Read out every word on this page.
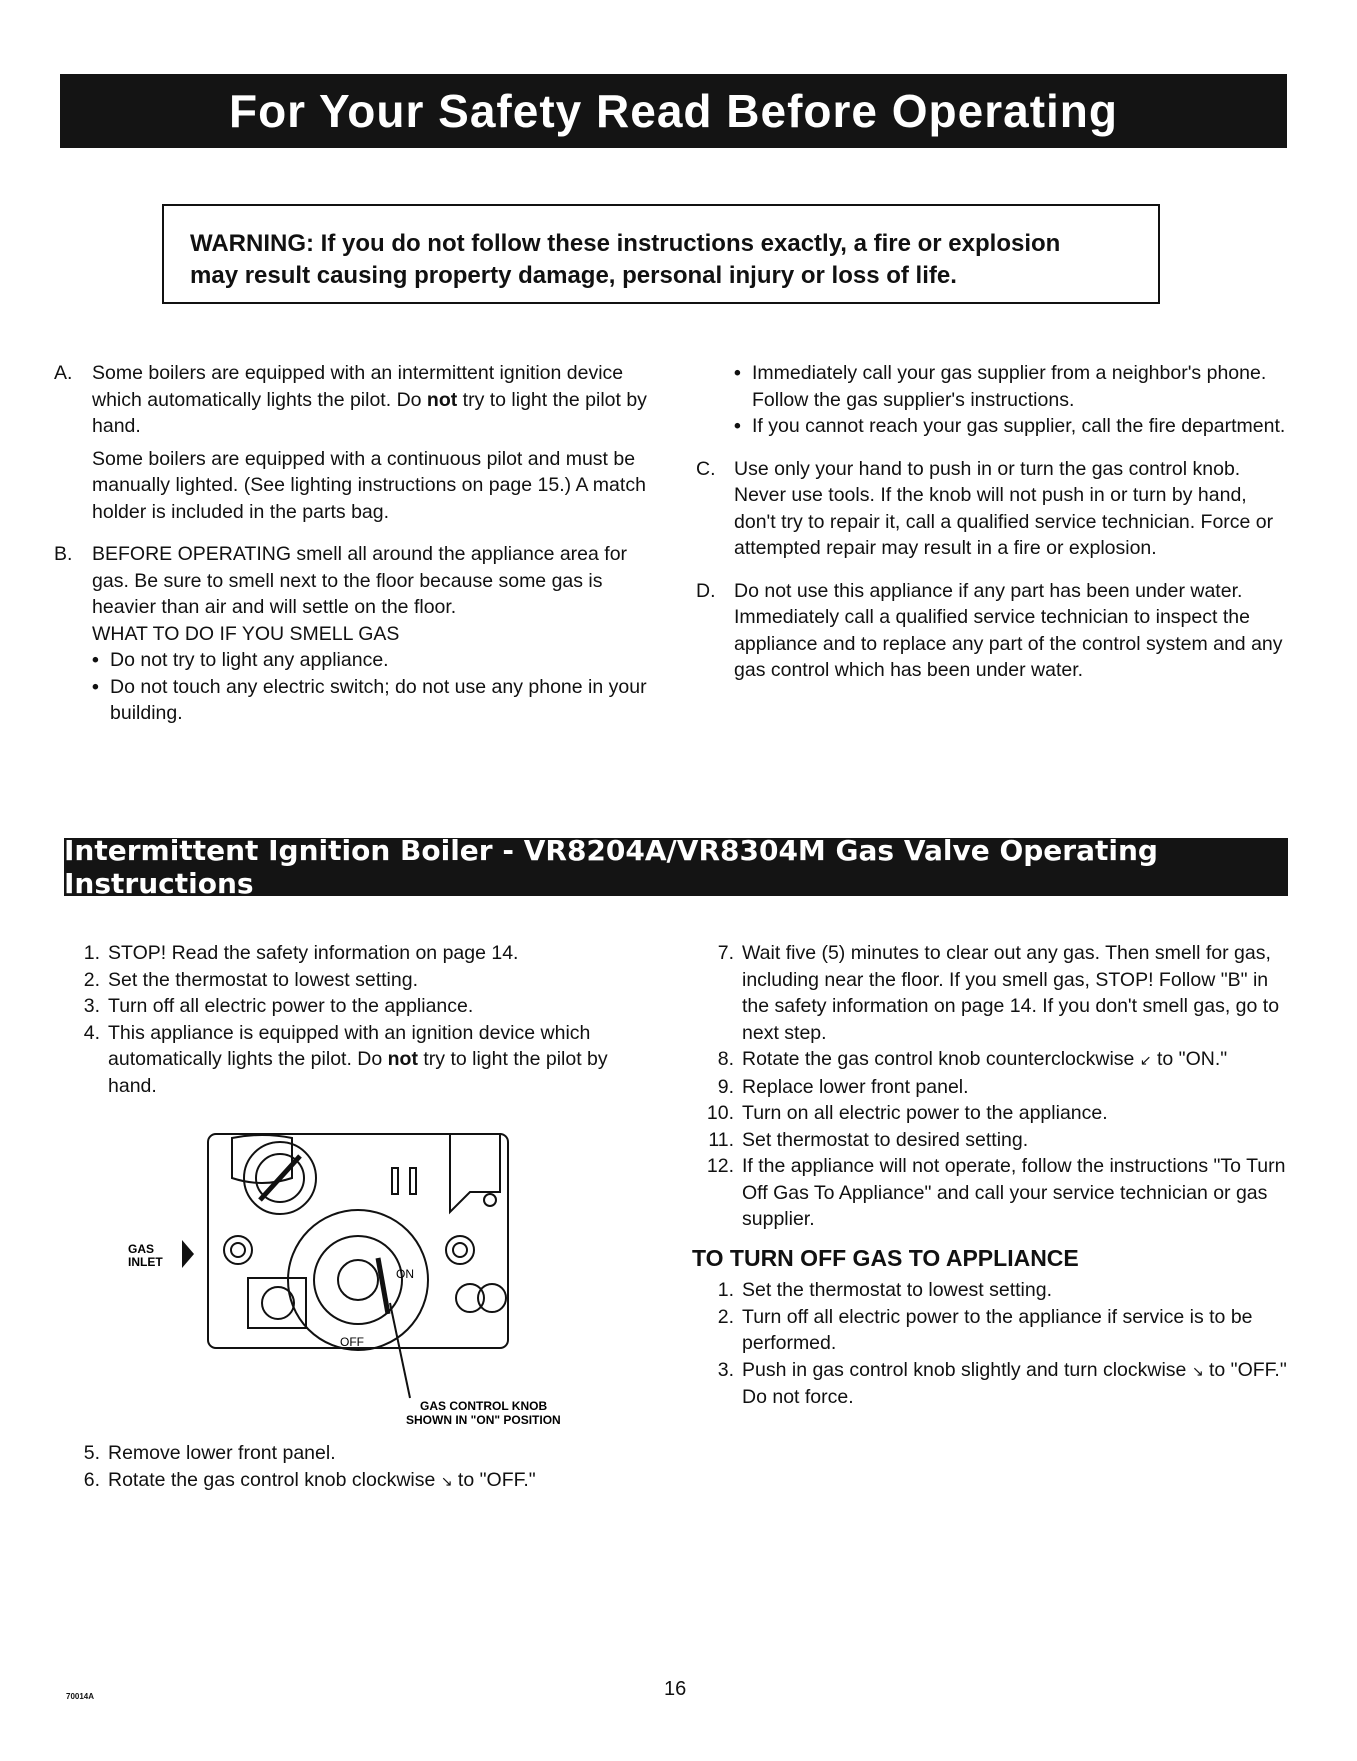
For Your Safety Read Before Operating
WARNING: If you do not follow these instructions exactly, a fire or explosion
may result causing property damage, personal injury or loss of life.
A. Some boilers are equipped with an intermittent ignition device which automatically lights the pilot. Do not try to light the pilot by hand.

Some boilers are equipped with a continuous pilot and must be manually lighted. (See lighting instructions on page 15.) A match holder is included in the parts bag.

B. BEFORE OPERATING smell all around the appliance area for gas. Be sure to smell next to the floor because some gas is heavier than air and will settle on the floor.

WHAT TO DO IF YOU SMELL GAS

• Do not try to light any appliance.

• Do not touch any electric switch; do not use any phone in your building.

• Immediately call your gas supplier from a neighbor's phone. Follow the gas supplier's instructions.

• If you cannot reach your gas supplier, call the fire department.

C. Use only your hand to push in or turn the gas control knob. Never use tools. If the knob will not push in or turn by hand, don't try to repair it, call a qualified service technician. Force or attempted repair may result in a fire or explosion.

D. Do not use this appliance if any part has been under water. Immediately call a qualified service technician to inspect the appliance and to replace any part of the control system and any gas control which has been under water.

Intermittent Ignition Boiler - VR8204A/VR8304M Gas Valve Operating Instructions
1. STOP! Read the safety information on page 14.
2. Set the thermostat to lowest setting.
3. Turn off all electric power to the appliance.
4. This appliance is equipped with an ignition device which automatically lights the pilot. Do not try to light the pilot by hand.
GAS
INLET
ON
OFF
GAS CONTROL KNOB
SHOWN IN "ON" POSITION
5. Remove lower front panel.
6. Rotate the gas control knob clockwise ↘ to "OFF."
7. Wait five (5) minutes to clear out any gas. Then smell for gas, including near the floor. If you smell gas, STOP! Follow "B" in the safety information on page 14. If you don't smell gas, go to next step.
8. Rotate the gas control knob counterclockwise ↙ to "ON."
9. Replace lower front panel.
10. Turn on all electric power to the appliance.
11. Set thermostat to desired setting.
12. If the appliance will not operate, follow the instructions "To Turn Off Gas To Appliance" and call your service technician or gas supplier.
TO TURN OFF GAS TO APPLIANCE
1. Set the thermostat to lowest setting.
2. Turn off all electric power to the appliance if service is to be performed.
3. Push in gas control knob slightly and turn clockwise ↘ to "OFF." Do not force.
70014A	16
